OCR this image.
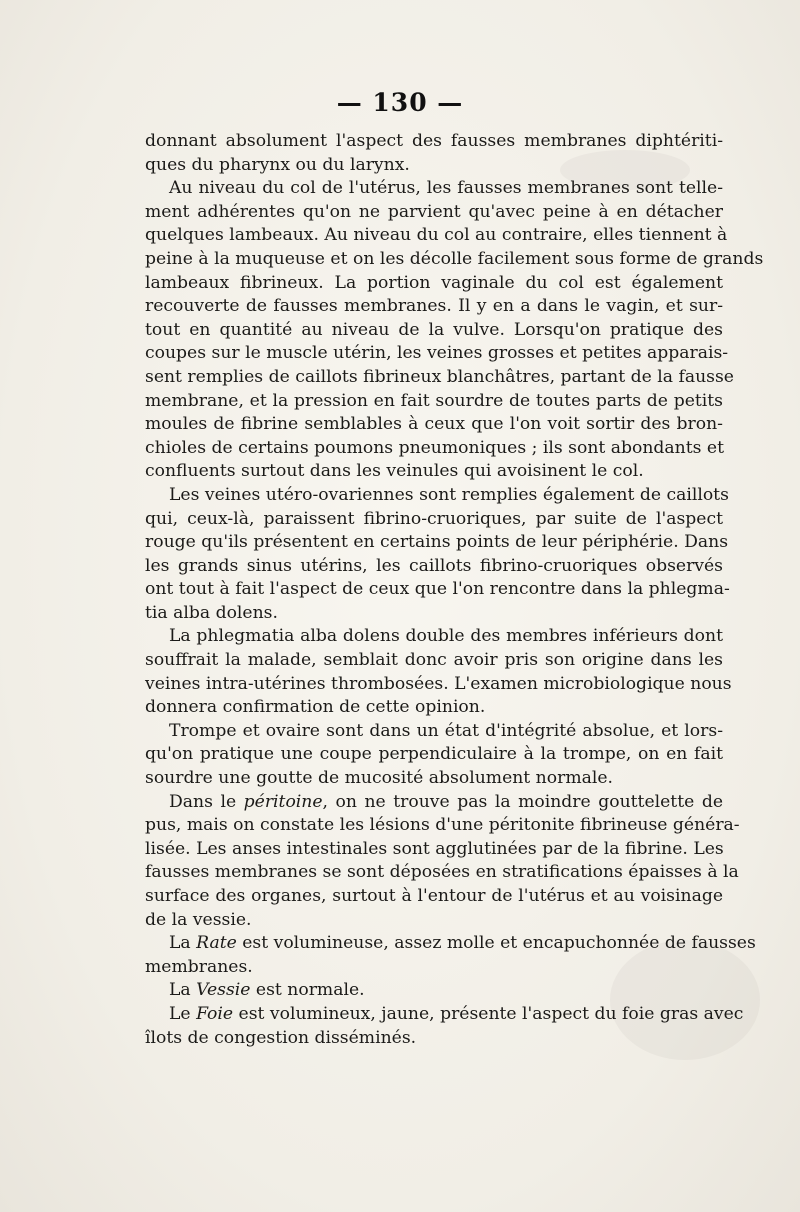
— 130 —
donnant absolument l'aspect des fausses membranes diphtériti-
ques du pharynx ou du larynx.
Au niveau du col de l'utérus, les fausses membranes sont telle-
ment adhérentes qu'on ne parvient qu'avec peine à en détacher
quelques lambeaux. Au niveau du col au contraire, elles tiennent à
peine à la muqueuse et on les décolle facilement sous forme de grands
lambeaux fibrineux. La portion vaginale du col est également
recouverte de fausses membranes. Il y en a dans le vagin, et sur-
tout en quantité au niveau de la vulve. Lorsqu'on pratique des
coupes sur le muscle utérin, les veines grosses et petites apparais-
sent remplies de caillots fibrineux blanchâtres, partant de la fausse
membrane, et la pression en fait sourdre de toutes parts de petits
moules de fibrine semblables à ceux que l'on voit sortir des bron-
chioles de certains poumons pneumoniques ; ils sont abondants et
confluents surtout dans les veinules qui avoisinent le col.
Les veines utéro-ovariennes sont remplies également de caillots
qui, ceux-là, paraissent fibrino-cruoriques, par suite de l'aspect
rouge qu'ils présentent en certains points de leur périphérie. Dans
les grands sinus utérins, les caillots fibrino-cruoriques observés
ont tout à fait l'aspect de ceux que l'on rencontre dans la phlegma-
tia alba dolens.
La phlegmatia alba dolens double des membres inférieurs dont
souffrait la malade, semblait donc avoir pris son origine dans les
veines intra-utérines thrombosées. L'examen microbiologique nous
donnera confirmation de cette opinion.
Trompe et ovaire sont dans un état d'intégrité absolue, et lors-
qu'on pratique une coupe perpendiculaire à la trompe, on en fait
sourdre une goutte de mucosité absolument normale.
Dans le péritoine, on ne trouve pas la moindre gouttelette de
pus, mais on constate les lésions d'une péritonite fibrineuse généra-
lisée. Les anses intestinales sont agglutinées par de la fibrine. Les
fausses membranes se sont déposées en stratifications épaisses à la
surface des organes, surtout à l'entour de l'utérus et au voisinage
de la vessie.
La Rate est volumineuse, assez molle et encapuchonnée de fausses
membranes.
La Vessie est normale.
Le Foie est volumineux, jaune, présente l'aspect du foie gras avec
îlots de congestion disséminés.
